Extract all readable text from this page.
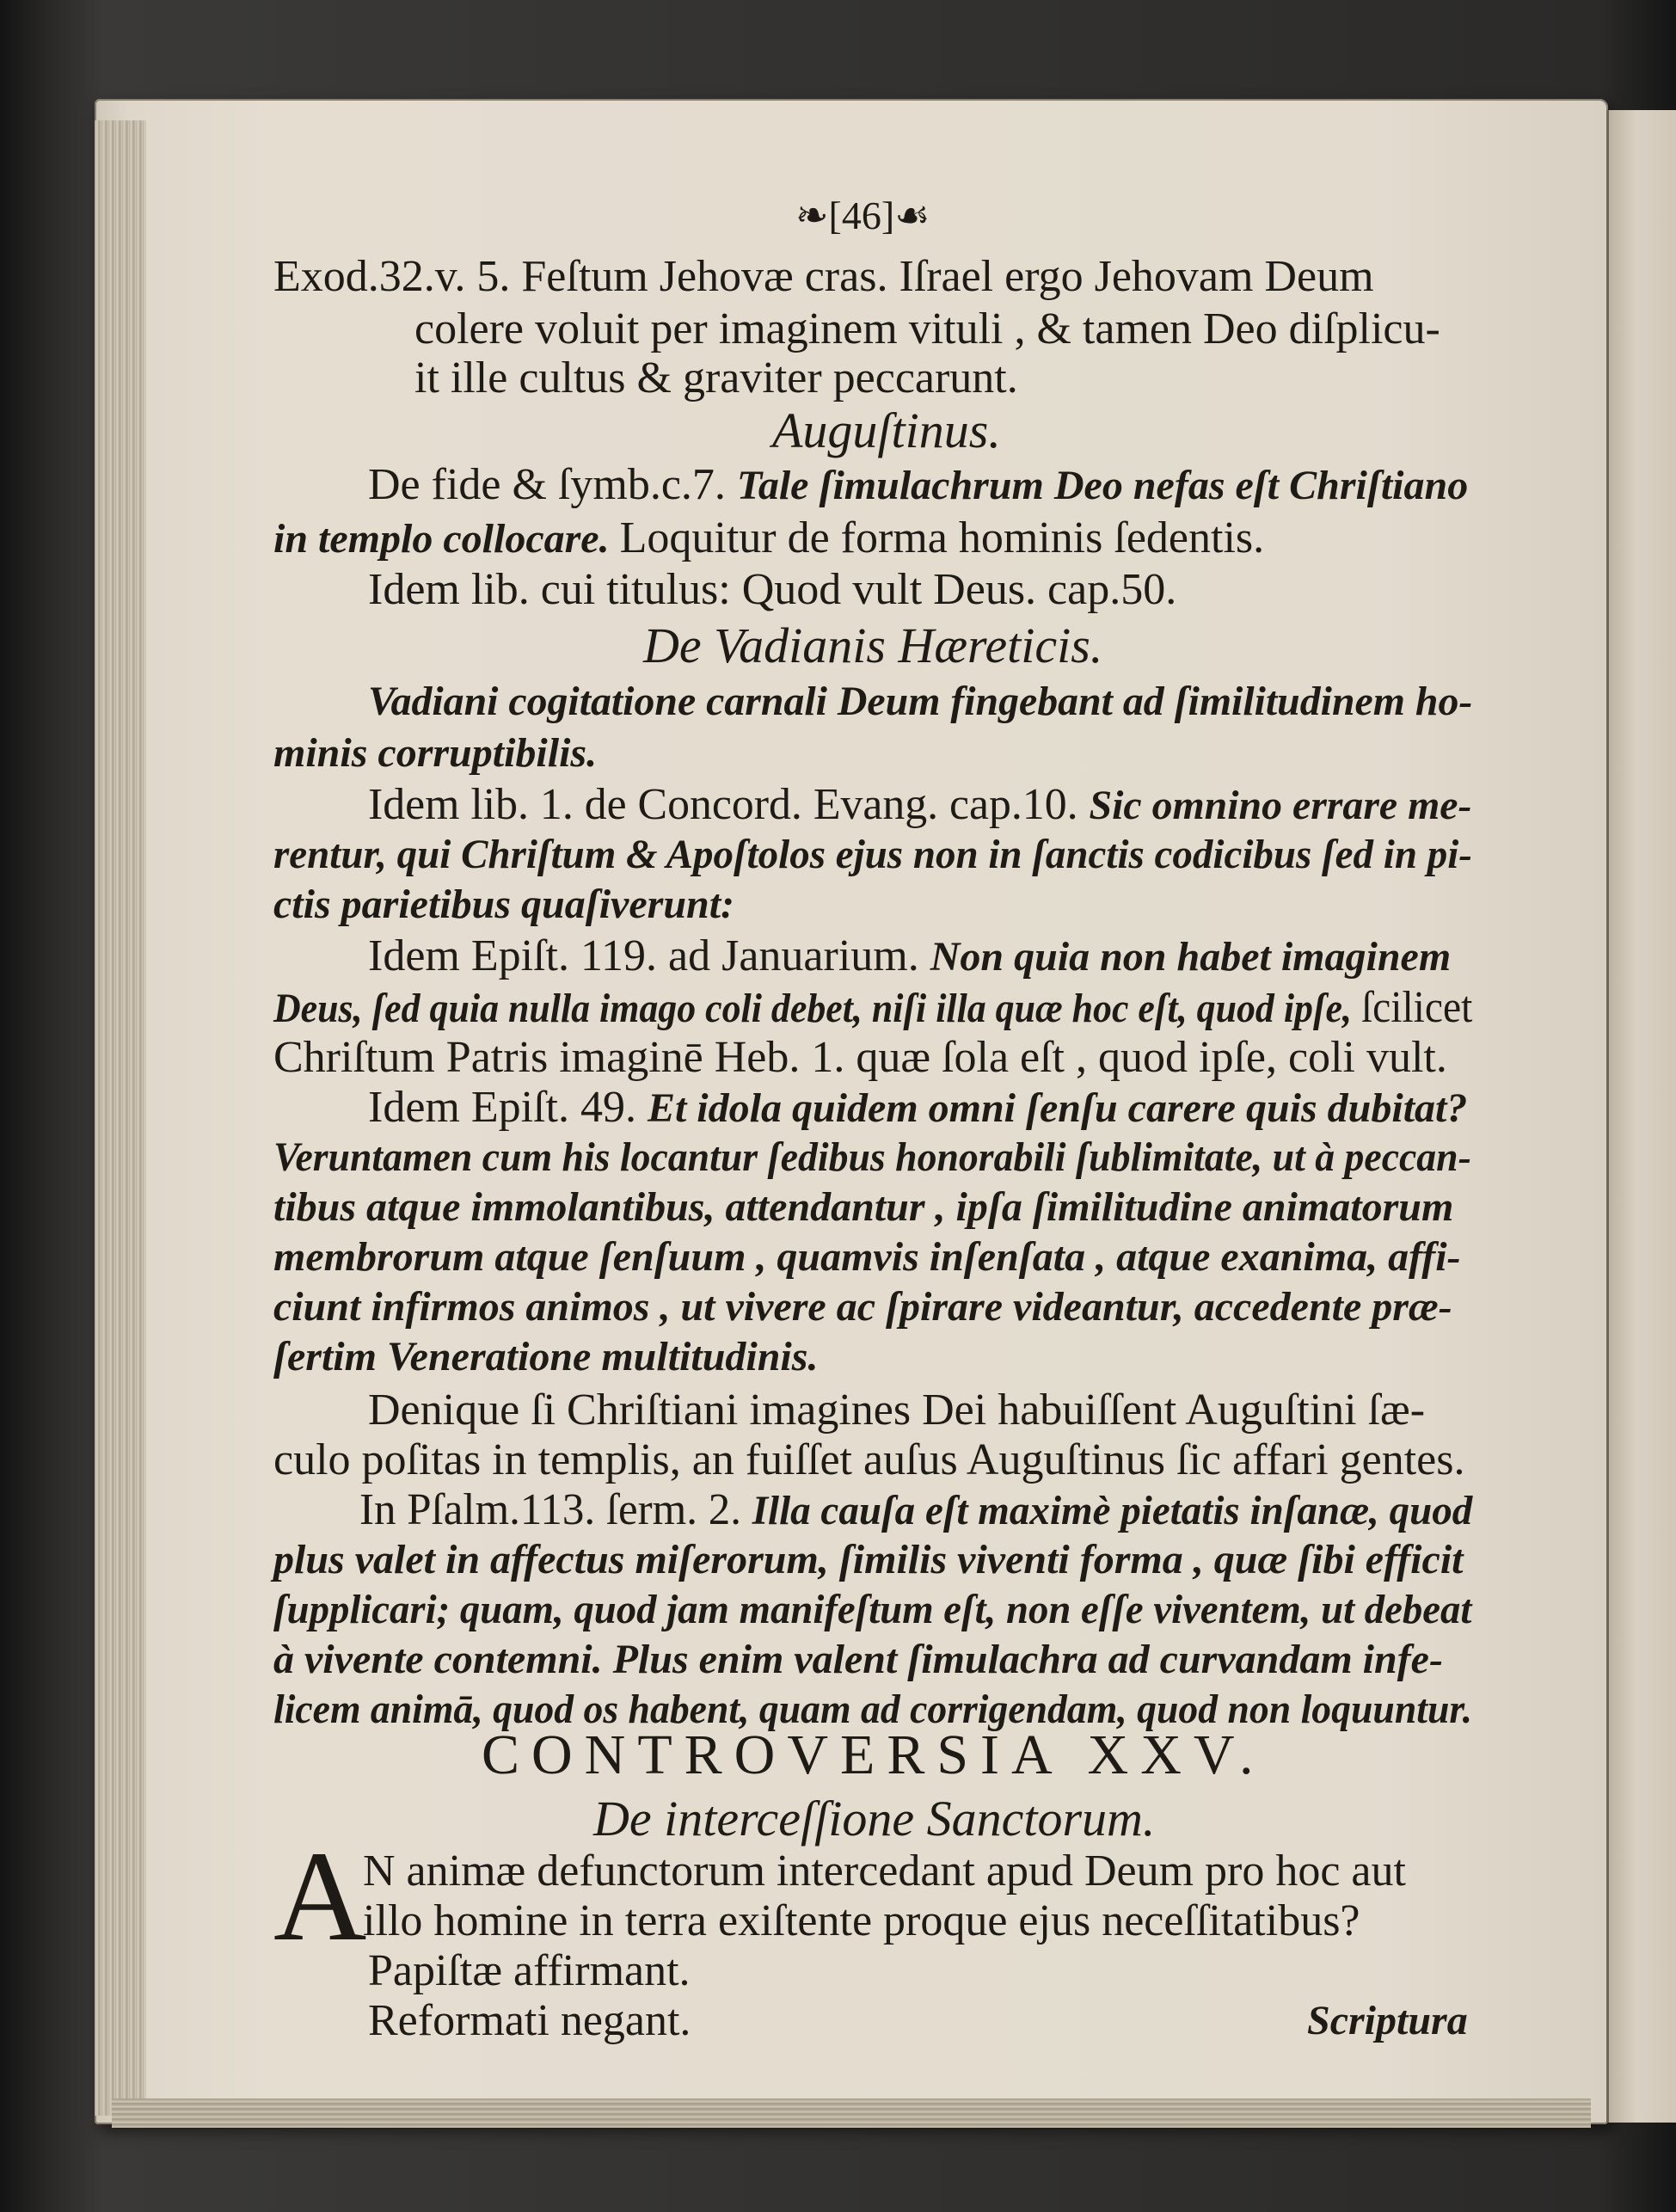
❧[46]☙
Exod.32.v. 5. Feſtum Jehovæ cras. Iſrael ergo Jehovam Deum
colere voluit per imaginem vituli , & tamen Deo diſplicu-
it ille cultus & graviter peccarunt.
Auguſtinus.
De fide & ſymb.c.7. Tale ſimulachrum Deo nefas eſt Chriſtiano
in templo collocare. Loquitur de forma hominis ſedentis.
Idem lib. cui titulus: Quod vult Deus. cap.50.
De Vadianis Hæreticis.
Vadiani cogitatione carnali Deum fingebant ad ſimilitudinem ho-
minis corruptibilis.
Idem lib. 1. de Concord. Evang. cap.10. Sic omnino errare me-
rentur, qui Chriſtum & Apoſtolos ejus non in ſanctis codicibus ſed in pi-
ctis parietibus quaſiverunt:
Idem Epiſt. 119. ad Januarium. Non quia non habet imaginem
Deus, ſed quia nulla imago coli debet, niſi illa quæ hoc eſt, quod ipſe, ſcilicet
Chriſtum Patris imaginē Heb. 1. quæ ſola eſt , quod ipſe, coli vult.
Idem Epiſt. 49. Et idola quidem omni ſenſu carere quis dubitat?
Veruntamen cum his locantur ſedibus honorabili ſublimitate, ut à peccan-
tibus atque immolantibus, attendantur , ipſa ſimilitudine animatorum
membrorum atque ſenſuum , quamvis inſenſata , atque exanima, affi-
ciunt infirmos animos , ut vivere ac ſpirare videantur, accedente præ-
ſertim Veneratione multitudinis.
Denique ſi Chriſtiani imagines Dei habuiſſent Auguſtini ſæ-
culo poſitas in templis, an fuiſſet auſus Auguſtinus ſic affari gentes.
In Pſalm.113. ſerm. 2. Illa cauſa eſt maximè pietatis inſanæ, quod
plus valet in affectus miſerorum, ſimilis viventi forma , quæ ſibi efficit
ſupplicari; quam, quod jam manifeſtum eſt, non eſſe viventem, ut debeat
à vivente contemni. Plus enim valent ſimulachra ad curvandam infe-
licem animā, quod os habent, quam ad corrigendam, quod non loquuntur.
CONTROVERSIA XXV.
De interceſſione Sanctorum.
A
N animæ defunctorum intercedant apud Deum pro hoc aut
illo homine in terra exiſtente proque ejus neceſſitatibus?
Papiſtæ affirmant.
Reformati negant.	Scriptura
